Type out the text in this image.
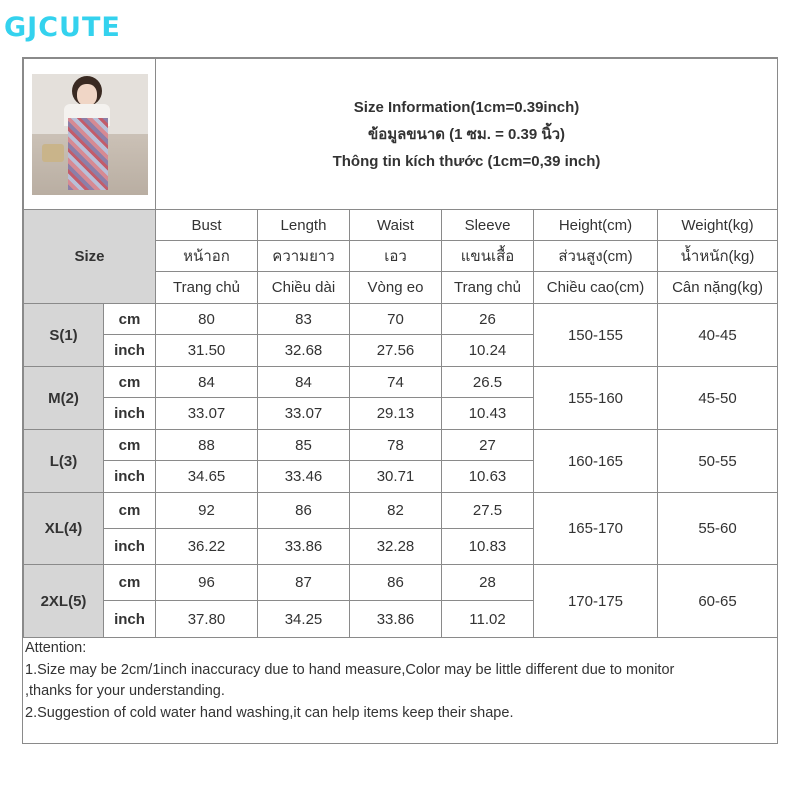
GJCUTE

		Size Information(1cm=0.39inch)
ข้อมูลขนาด (1 ซม. = 0.39 นิ้ว)
Thông tin kích thước (1cm=0,39 inch)					

Size		Bust	Length	Waist	Sleeve	Height(cm)	Weight(kg)
		หน้าอก	ความยาว	เอว	แขนเสื้อ	ส่วนสูง(cm)	น้ำหนัก(kg)
		Trang chủ	Chiều dài	Vòng eo	Trang chủ	Chiều cao(cm)	Cân nặng(kg)
S(1)	cm	80	83	70	26	150-155	40-45
	inch	31.50	32.68	27.56	10.24		
M(2)	cm	84	84	74	26.5	155-160	45-50
	inch	33.07	33.07	29.13	10.43		
L(3)	cm	88	85	78	27	160-165	50-55
	inch	34.65	33.46	30.71	10.63		
XL(4)	cm	92	86	82	27.5	165-170	55-60
	inch	36.22	33.86	32.28	10.83		
2XL(5)	cm	96	87	86	28	170-175	60-65
	inch	37.80	34.25	33.86	11.02		
Attention:
1.Size may be 2cm/1inch inaccuracy due to hand measure,Color may be little different due to monitor
,thanks for your understanding.
2.Suggestion of cold water hand washing,it can help items keep their shape.
